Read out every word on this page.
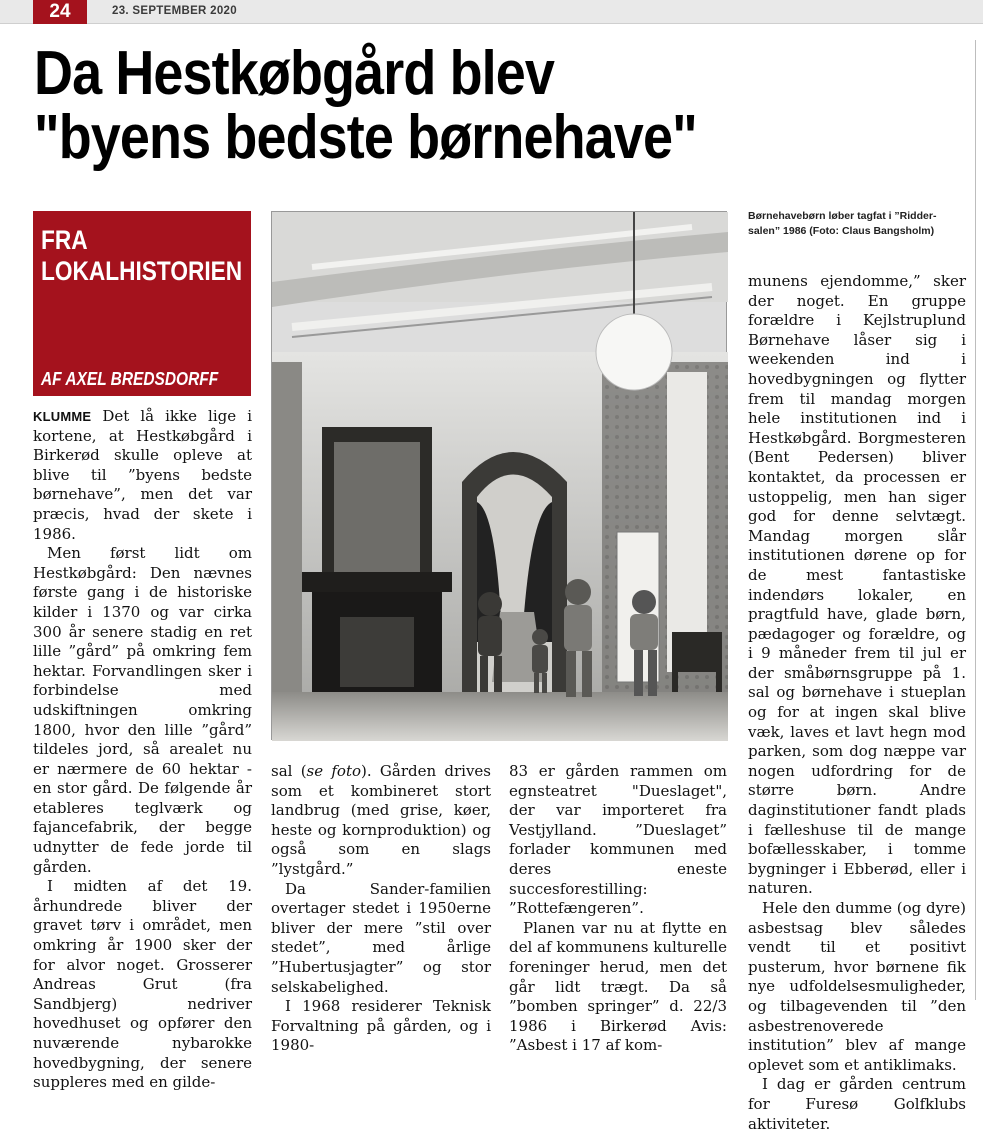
24	23. SEPTEMBER 2020
Da Hestkøbgård blev
"byens bedste børnehave"
FRA
LOKALHISTORIEN
AF AXEL BREDSDORFF
Børnehavebørn løber tagfat i ”Ridder-
salen” 1986 (Foto: Claus Bangsholm)

KLUMME Det lå ikke lige i kortene, at Hestkøbgård i Birkerød skulle opleve at blive til ”byens bedste børnehave”, men det var præcis, hvad der skete i 1986.

Men først lidt om Hestkøbgård: Den nævnes første gang i de historiske kilder i 1370 og var cirka 300 år senere stadig en ret lille ”gård” på omkring fem hektar. Forvandlingen sker i forbindelse med udskiftningen omkring 1800, hvor den lille ”gård” tildeles jord, så arealet nu er nærmere de 60 hektar - en stor gård. De følgende år etableres teglværk og fajancefabrik, der begge udnytter de fede jorde til gården.

I midten af det 19. århundrede bliver der gravet tørv i området, men omkring år 1900 sker der for alvor noget. Grosserer Andreas Grut (fra Sandbjerg) nedriver hovedhuset og opfører den nuværende nybarokke hovedbygning, der senere suppleres med en gilde-

sal (se foto). Gården drives som et kombineret stort landbrug (med grise, køer, heste og kornproduktion) og også som en slags ”lystgård.”

Da Sander-familien overtager stedet i 1950erne bliver der mere ”stil over stedet”, med årlige ”Hubertusjagter” og stor selskabelighed.

I 1968 residerer Teknisk Forvaltning på gården, og i 1980-

83 er gården rammen om egnsteatret "Dueslaget", der var importeret fra Vestjylland. ”Dueslaget” forlader kommunen med deres eneste succesforestilling: ”Rottefængeren”.

Planen var nu at flytte en del af kommunens kulturelle foreninger herud, men det går lidt trægt. Da så ”bomben springer” d. 22/3 1986 i Birkerød Avis: ”Asbest i 17 af kom-

munens ejendomme,” sker der noget. En gruppe forældre i Kejlstruplund Børnehave låser sig i weekenden ind i hovedbygningen og flytter frem til mandag morgen hele institutionen ind i Hestkøbgård. Borgmesteren (Bent Pedersen) bliver kontaktet, da processen er ustoppelig, men han siger god for denne selvtægt. Mandag morgen slår institutionen dørene op for de mest fantastiske indendørs lokaler, en pragtfuld have, glade børn, pædagoger og forældre, og i 9 måneder frem til jul er der småbørnsgruppe på 1. sal og børnehave i stueplan og for at ingen skal blive væk, laves et lavt hegn mod parken, som dog næppe var nogen udfordring for de større børn. Andre daginstitutioner fandt plads i fælleshuse til de mange bofællesskaber, i tomme bygninger i Ebberød, eller i naturen.

Hele den dumme (og dyre) asbestsag blev således vendt til et positivt pusterum, hvor børnene fik nye udfoldelsesmuligheder, og tilbagevenden til ”den asbestrenoverede institution” blev af mange oplevet som et antiklimaks.

I dag er gården centrum for Furesø Golfklubs aktiviteter.
